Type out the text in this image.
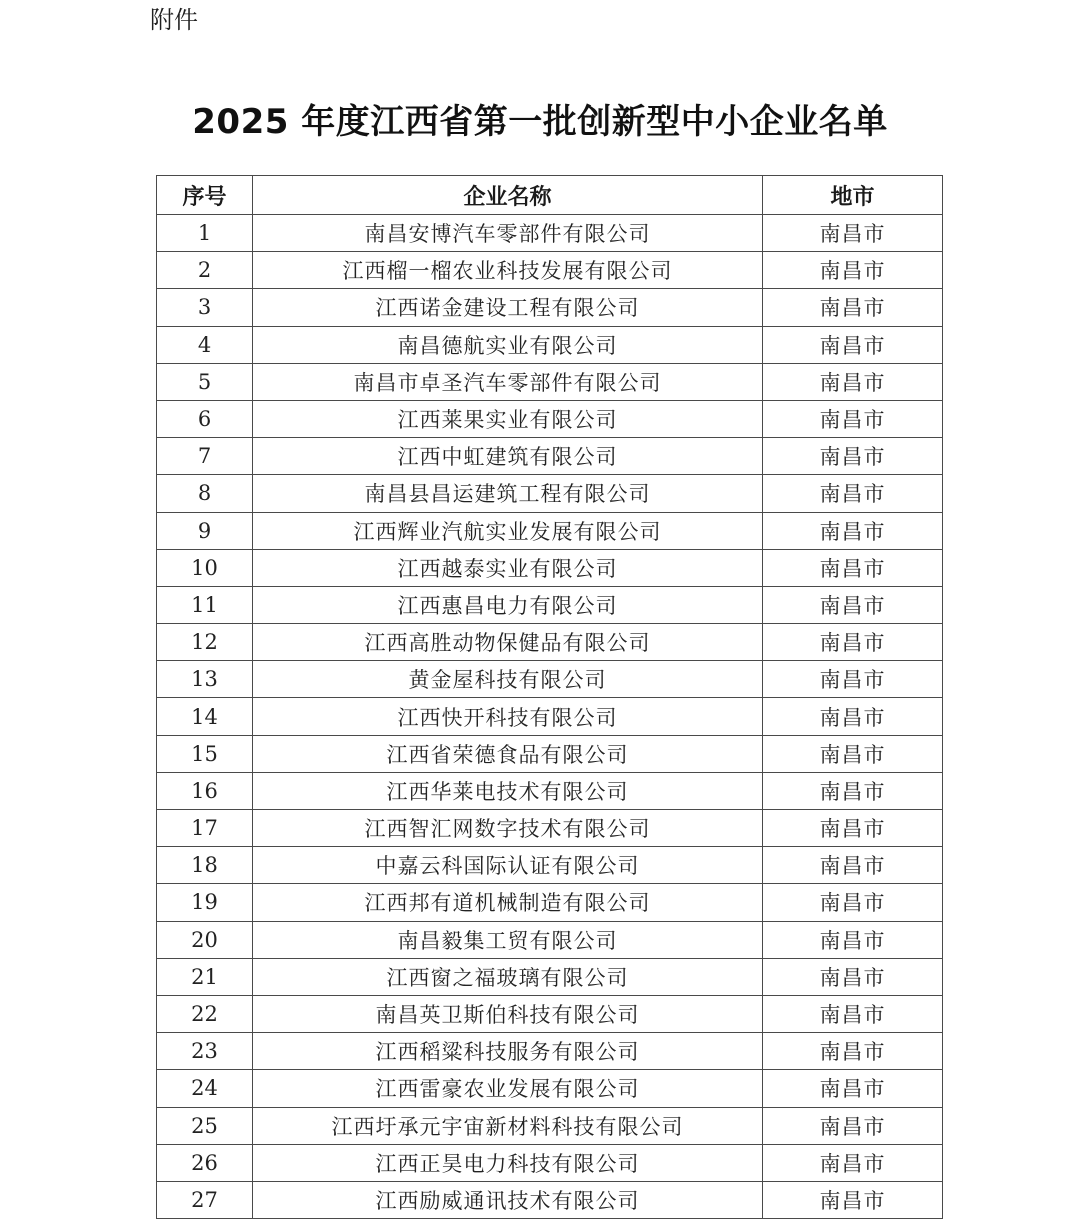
附件
2025 年度江西省第一批创新型中小企业名单
序号	企业名称	地市
1	南昌安博汽车零部件有限公司	南昌市
2	江西榴一榴农业科技发展有限公司	南昌市
3	江西诺金建设工程有限公司	南昌市
4	南昌德航实业有限公司	南昌市
5	南昌市卓圣汽车零部件有限公司	南昌市
6	江西莱果实业有限公司	南昌市
7	江西中虹建筑有限公司	南昌市
8	南昌县昌运建筑工程有限公司	南昌市
9	江西辉业汽航实业发展有限公司	南昌市
10	江西越泰实业有限公司	南昌市
11	江西惠昌电力有限公司	南昌市
12	江西高胜动物保健品有限公司	南昌市
13	黄金屋科技有限公司	南昌市
14	江西快开科技有限公司	南昌市
15	江西省荣德食品有限公司	南昌市
16	江西华莱电技术有限公司	南昌市
17	江西智汇网数字技术有限公司	南昌市
18	中嘉云科国际认证有限公司	南昌市
19	江西邦有道机械制造有限公司	南昌市
20	南昌毅集工贸有限公司	南昌市
21	江西窗之福玻璃有限公司	南昌市
22	南昌英卫斯伯科技有限公司	南昌市
23	江西稻粱科技服务有限公司	南昌市
24	江西雷豪农业发展有限公司	南昌市
25	江西圩承元宇宙新材料科技有限公司	南昌市
26	江西正昊电力科技有限公司	南昌市
27	江西励威通讯技术有限公司	南昌市
